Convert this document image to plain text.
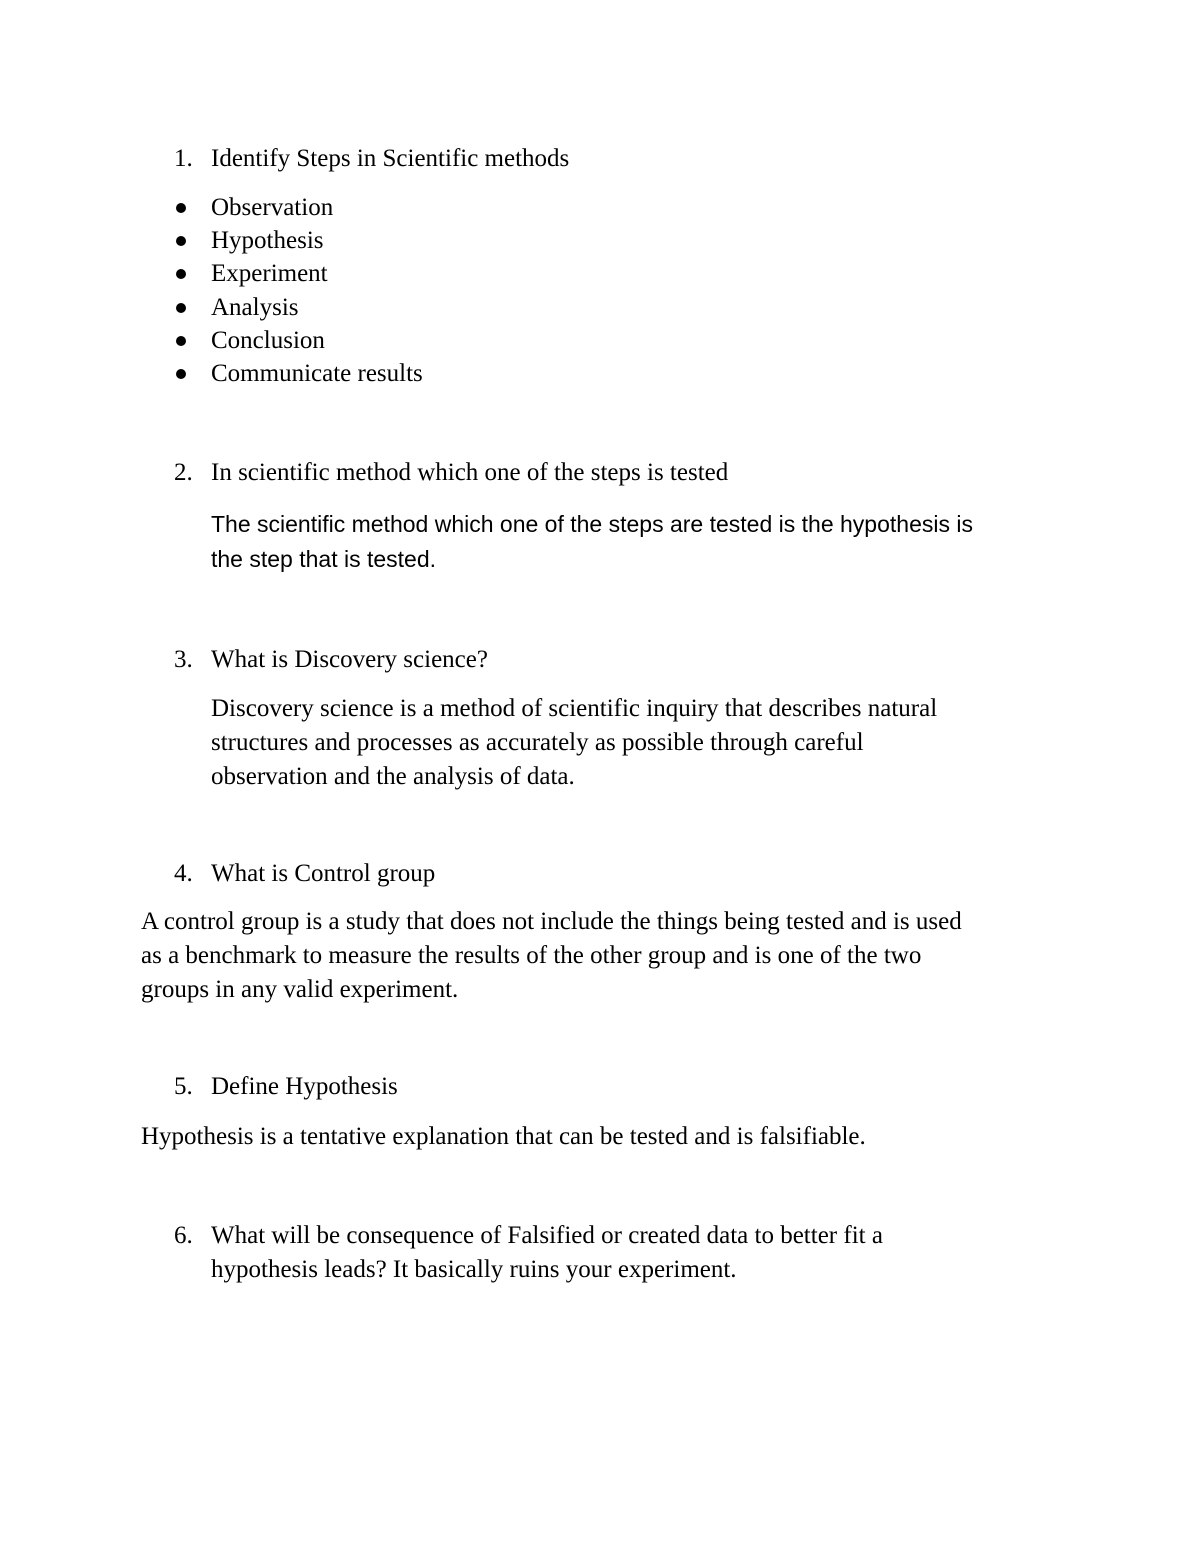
1. Identify Steps in Scientific methods
Observation
Hypothesis
Experiment
Analysis
Conclusion
Communicate results
2. In scientific method which one of the steps is tested
The scientific method which one of the steps are tested is the hypothesis is
the step that is tested.
3. What is Discovery science?
Discovery science is a method of scientific inquiry that describes natural
structures and processes as accurately as possible through careful
observation and the analysis of data.
4. What is Control group
A control group is a study that does not include the things being tested and is used
as a benchmark to measure the results of the other group and is one of the two
groups in any valid experiment.
5. Define Hypothesis
Hypothesis is a tentative explanation that can be tested and is falsifiable.
6. What will be consequence of Falsified or created data to better fit a
hypothesis leads? It basically ruins your experiment.
